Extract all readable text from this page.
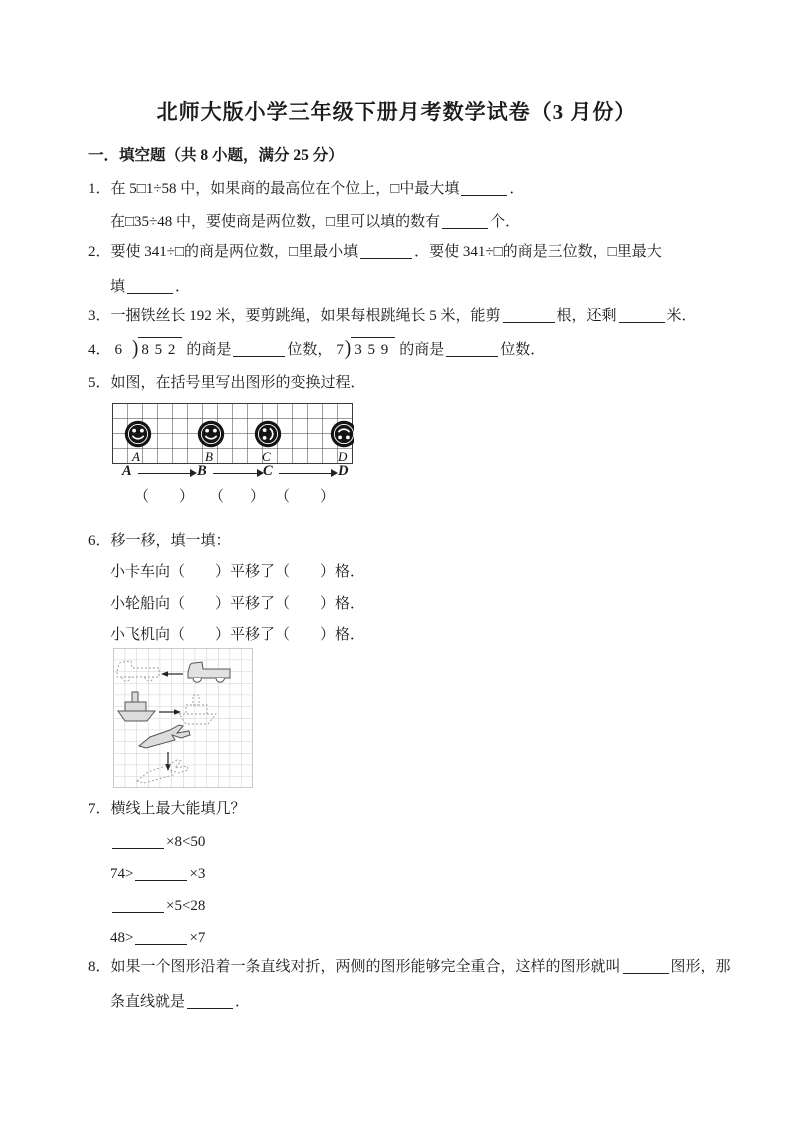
北师大版小学三年级下册月考数学试卷（3 月份）
一．填空题（共 8 小题，满分 25 分）
1．在 5□1÷58 中，如果商的最高位在个位上，□中最大填	．
在□35÷48 中，要使商是两位数，□里可以填的数有	个．
2．要使 341÷□的商是两位数，□里最小填	．要使 341÷□的商是三位数，□里最大
填	．
3．一捆铁丝长 192 米，要剪跳绳，如果每根跳绳长 5 米，能剪	根，还剩	米．
4． 6 ) 8 5 2 的商是	位数， 7) 3 5 9 的商是	位数．
5．如图，在括号里写出图形的变换过程．
A	B	C	D
A	B	C	D
（ ） （ ） （ ）
6．移一移，填一填：
小卡车向（　　）平移了（　　）格．
小轮船向（　　）平移了（　　）格．
小飞机向（　　）平移了（　　）格．
7．横线上最大能填几？
×8<50
74>	×3
×5<28
48>	×7
8．如果一个图形沿着一条直线对折，两侧的图形能够完全重合，这样的图形就叫	图形，那
条直线就是	．
